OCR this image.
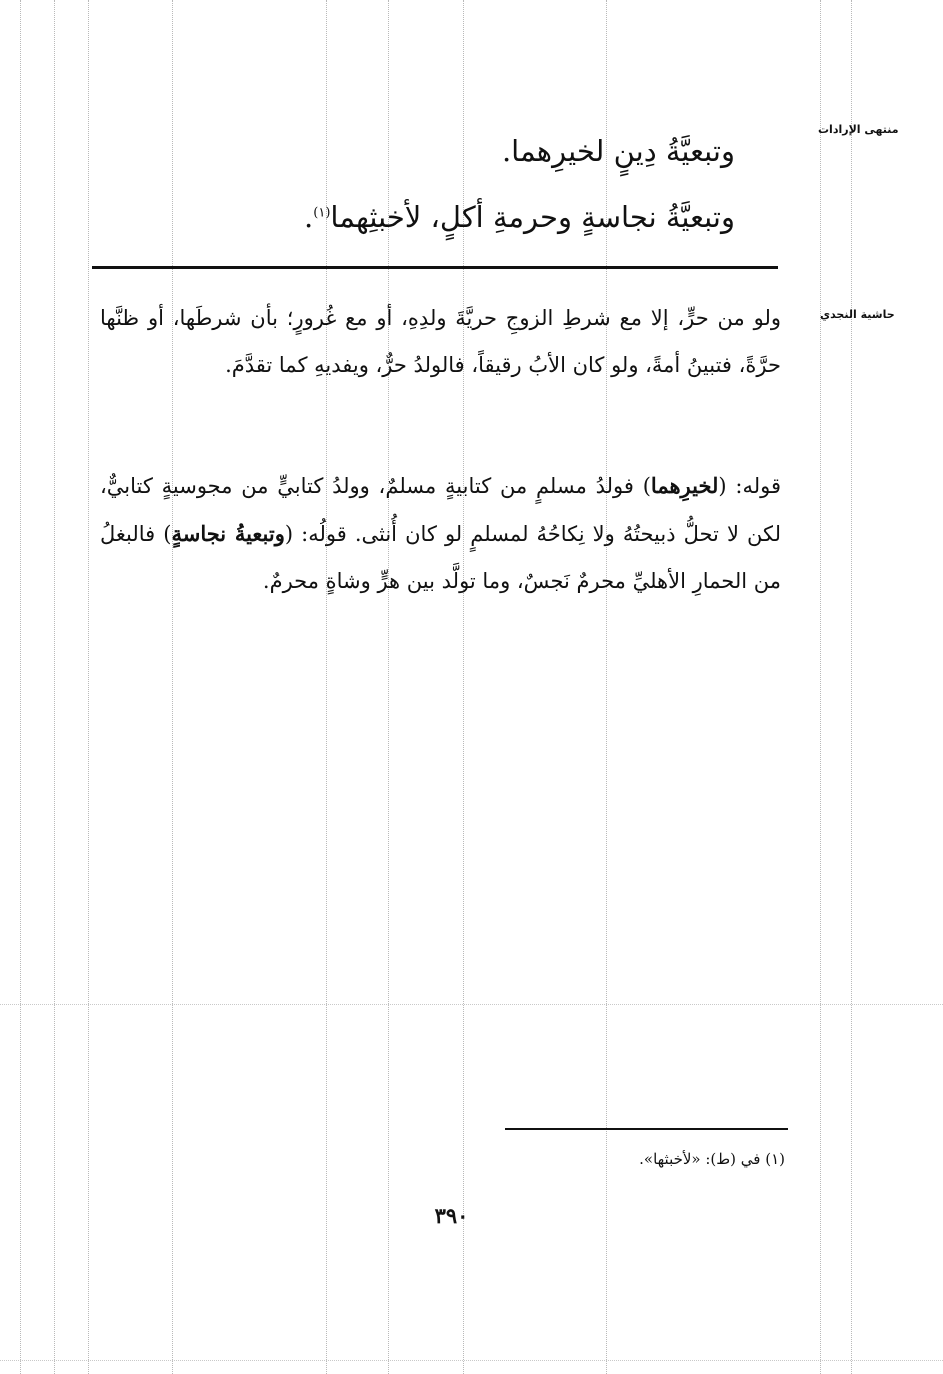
منتهى الإرادات
حاشية النجدي
وتبعيَّةُ دِينٍ لخيرِهما.
وتبعيَّةُ نجاسةٍ وحرمةِ أكلٍ، لأخبثِهما$^{(١)}$.

ولو من حرٍّ، إلا مع شرطِ الزوجِ حريَّةَ ولدِهِ، أو مع غُرورٍ؛ بأن شرطَها، أو ظنَّها حرَّةً، فتبينُ أمةً، ولو كان الأبُ رقيقاً، فالولدُ حرٌّ، ويفديهِ كما تقدَّمَ.

قوله: (لخيرِهما) فولدُ مسلمٍ من كتابيةٍ مسلمٌ، وولدُ كتابيٍّ من مجوسيةٍ كتابيٌّ، لكن لا تحلُّ ذبيحتُهُ ولا نِكاحُهُ لمسلمٍ لو كان أُنثى. قولُه: (وتبعيةُ نجاسةٍ) فالبغلُ من الحمارِ الأهليِّ محرمٌ نَجسٌ، وما تولَّد بين هرٍّ وشاةٍ محرمٌ.

(١) في (ط): «لأخبثها».
٣٩٠
